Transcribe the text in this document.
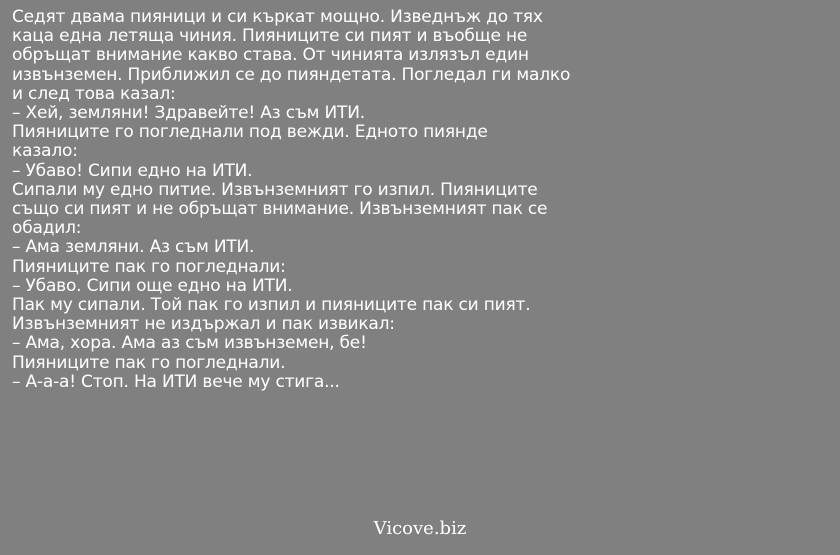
Седят двама пияници и си къркат мощно. Изведнъж до тях
каца една летяща чиния. Пияниците си пият и въобще не
обръщат внимание какво става. От чинията излязъл един
извънземен. Приближил се до пияндетата. Погледал ги малко
и след това казал:
– Хей, земляни! Здравейте! Аз съм ИТИ.
Пияниците го погледнали под вежди. Едното пиянде
казало:
– Убаво! Сипи едно на ИТИ.
Сипали му едно питие. Извънземният го изпил. Пияниците
също си пият и не обръщат внимание. Извънземният пак се
обадил:
– Ама земляни. Аз съм ИТИ.
Пияниците пак го погледнали:
– Убаво. Сипи още едно на ИТИ.
Пак му сипали. Той пак го изпил и пияниците пак си пият.
Извънземният не издържал и пак извикал:
– Ама, хора. Ама аз съм извънземен, бе!
Пияниците пак го погледнали.
– А-а-а! Стоп. На ИТИ вече му стига...
Vicove.biz
